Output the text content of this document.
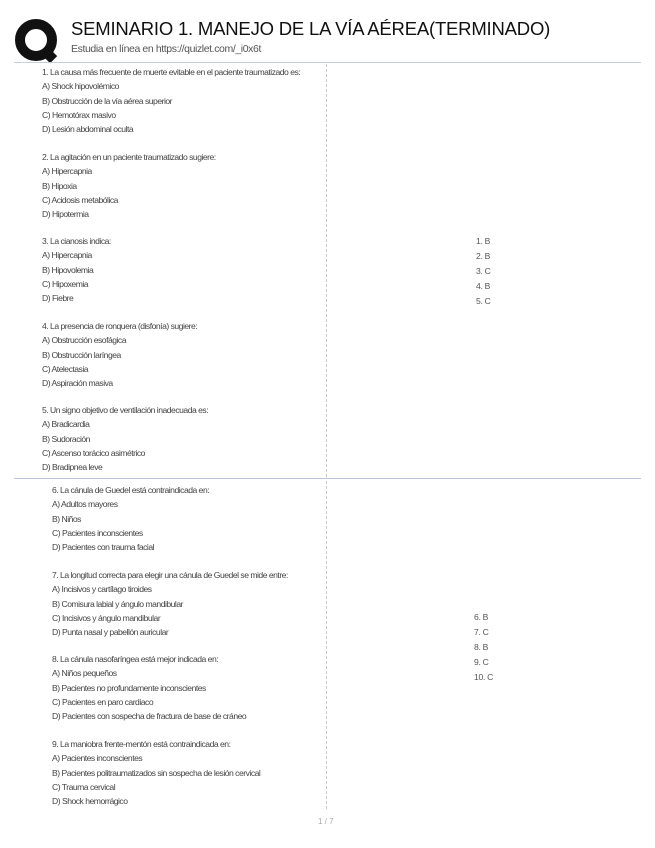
SEMINARIO 1. MANEJO DE LA VÍA AÉREA(TERMINADO)
Estudia en línea en https://quizlet.com/_i0x6t
1. La causa más frecuente de muerte evitable en el paciente traumatizado es:
A) Shock hipovolémico
B) Obstrucción de la vía aérea superior
C) Hemotórax masivo
D) Lesión abdominal oculta
2. La agitación en un paciente traumatizado sugiere:
A) Hipercapnia
B) Hipoxia
C) Acidosis metabólica
D) Hipotermia
3. La cianosis indica:
A) Hipercapnia
B) Hipovolemia
C) Hipoxemia
D) Fiebre
4. La presencia de ronquera (disfonía) sugiere:
A) Obstrucción esofágica
B) Obstrucción laríngea
C) Atelectasia
D) Aspiración masiva
5. Un signo objetivo de ventilación inadecuada es:
A) Bradicardia
B) Sudoración
C) Ascenso torácico asimétrico
D) Bradipnea leve
1. B
2. B
3. C
4. B
5. C
6. La cánula de Guedel está contraindicada en:
A) Adultos mayores
B) Niños
C) Pacientes inconscientes
D) Pacientes con trauma facial
7. La longitud correcta para elegir una cánula de Guedel se mide entre:
A) Incisivos y cartílago tiroides
B) Comisura labial y ángulo mandibular
C) Incisivos y ángulo mandibular
D) Punta nasal y pabellón auricular
8. La cánula nasofaríngea está mejor indicada en:
A) Niños pequeños
B) Pacientes no profundamente inconscientes
C) Pacientes en paro cardiaco
D) Pacientes con sospecha de fractura de base de cráneo
9. La maniobra frente-mentón está contraindicada en:
A) Pacientes inconscientes
B) Pacientes politraumatizados sin sospecha de lesión cervical
C) Trauma cervical
D) Shock hemorrágico
6. B
7. C
8. B
9. C
10. C
1 / 7
